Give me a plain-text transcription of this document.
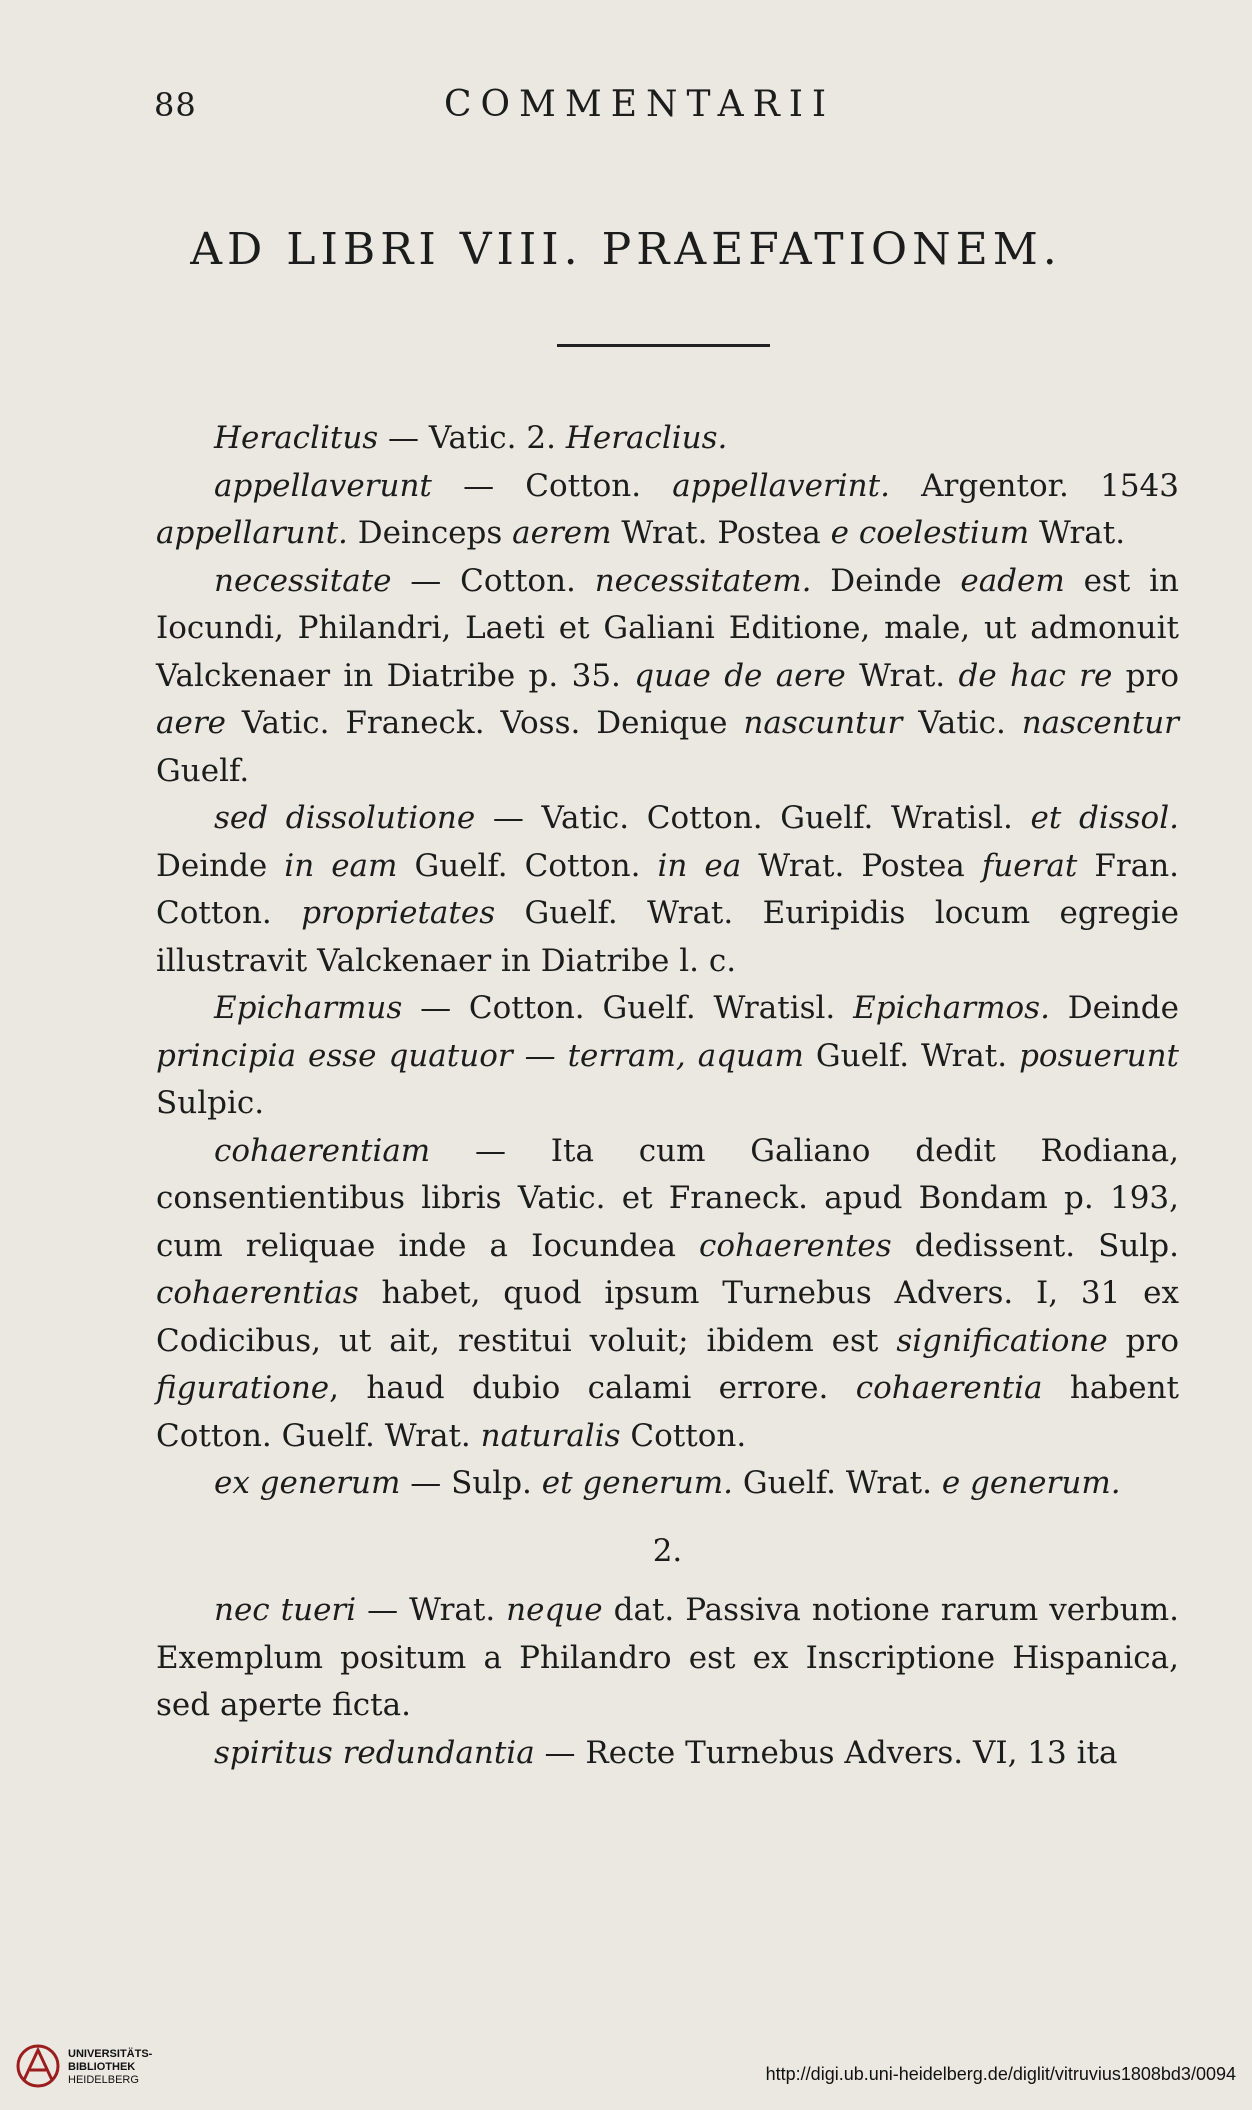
88	COMMENTARII
AD LIBRI VIII. PRAEFATIONEM.

Heraclitus — Vatic. 2. Heraclius.

appellaverunt — Cotton. appellaverint. Argentor. 1543 appellarunt. Deinceps aerem Wrat. Postea e coelestium Wrat.

necessitate — Cotton. necessitatem. Deinde eadem est in Iocundi, Philandri, Laeti et Galiani Editione, male, ut admonuit Valckenaer in Diatribe p. 35. quae de aere Wrat. de hac re pro aere Vatic. Franeck. Voss. Denique nascuntur Vatic. nascentur Guelf.

sed dissolutione — Vatic. Cotton. Guelf. Wratisl. et dissol. Deinde in eam Guelf. Cotton. in ea Wrat. Postea fuerat Fran. Cotton. proprietates Guelf. Wrat. Euripidis locum egregie illustravit Valckenaer in Diatribe l. c.

Epicharmus — Cotton. Guelf. Wratisl. Epicharmos. Deinde principia esse quatuor — terram, aquam Guelf. Wrat. posuerunt Sulpic.

cohaerentiam — Ita cum Galiano dedit Rodiana, consentientibus libris Vatic. et Franeck. apud Bondam p. 193, cum reliquae inde a Iocundea cohaerentes dedissent. Sulp. cohaerentias habet, quod ipsum Turnebus Advers. I, 31 ex Codicibus, ut ait, restitui voluit; ibidem est significatione pro figuratione, haud dubio calami errore. cohaerentia habent Cotton. Guelf. Wrat. naturalis Cotton.

ex generum — Sulp. et generum. Guelf. Wrat. e generum.

2.

nec tueri — Wrat. neque dat. Passiva notione rarum verbum. Exemplum positum a Philandro est ex Inscriptione Hispanica, sed aperte ficta.

spiritus redundantia — Recte Turnebus Advers. VI, 13 ita

UNIVERSITÄTS-
BIBLIOTHEK
HEIDELBERG	http://digi.ub.uni-heidelberg.de/diglit/vitruvius1808bd3/0094
